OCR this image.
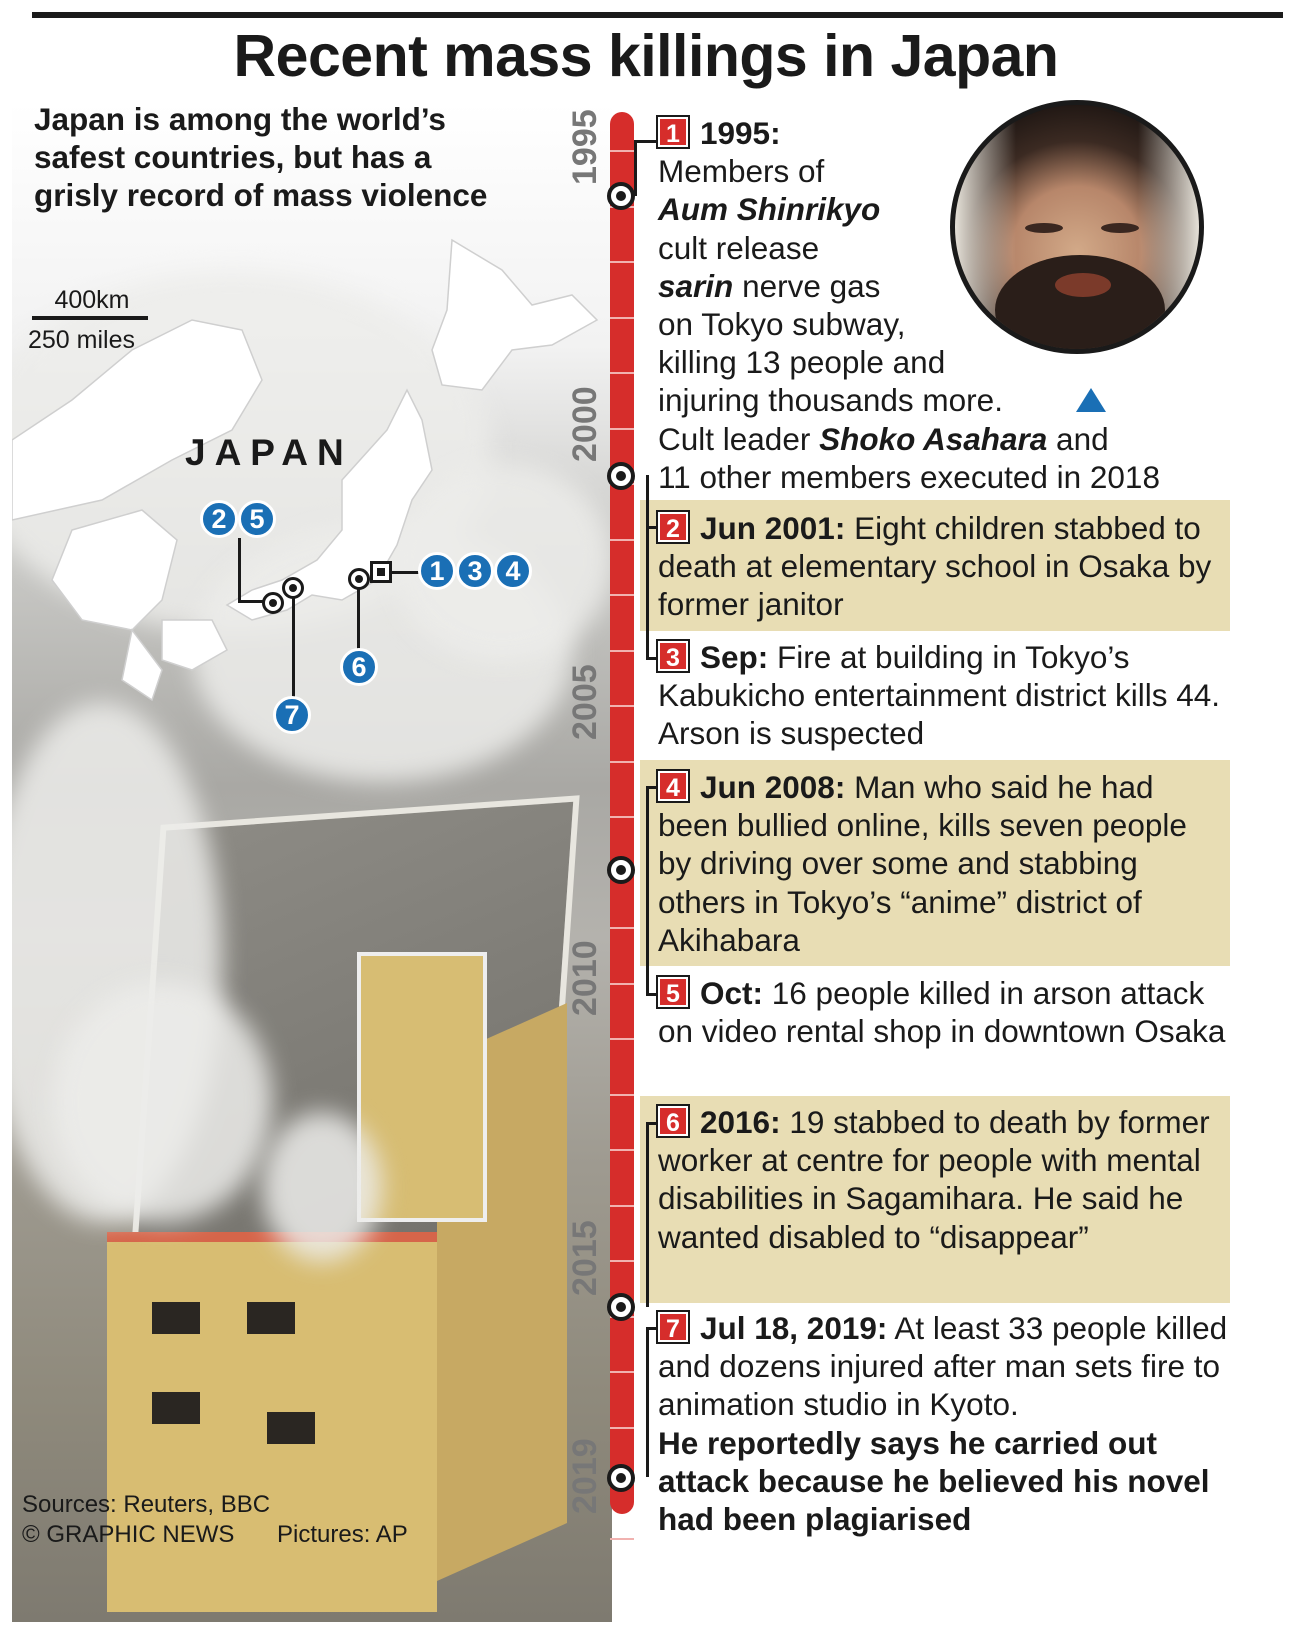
Recent mass killings in Japan
Japan is among the world’s safest countries, but has a grisly record of mass violence
400km
250 miles
JAPAN
2 5
1 3 4
6
7
Sources: Reuters, BBC
© GRAPHIC NEWS	Pictures: AP
1995
2000
2005
2010
2015
2019
1 1995:
Members of
Aum Shinrikyo
cult release
sarin nerve gas
on Tokyo subway,
killing 13 people and
injuring thousands more.
Cult leader Shoko Asahara and
11 other members executed in 2018
2 Jun 2001: Eight children stabbed to death at elementary school in Osaka by former janitor
3 Sep: Fire at building in Tokyo’s Kabukicho entertainment district kills 44. Arson is suspected
4 Jun 2008: Man who said he had been bullied online, kills seven people by driving over some and stabbing others in Tokyo’s “anime” district of Akihabara
5 Oct: 16 people killed in arson attack on video rental shop in downtown Osaka
6 2016: 19 stabbed to death by former worker at centre for people with mental disabilities in Sagamihara. He said he wanted disabled to “disappear”
7 Jul 18, 2019: At least 33 people killed and dozens injured after man sets fire to animation studio in Kyoto.
He reportedly says he carried out attack because he believed his novel had been plagiarised
